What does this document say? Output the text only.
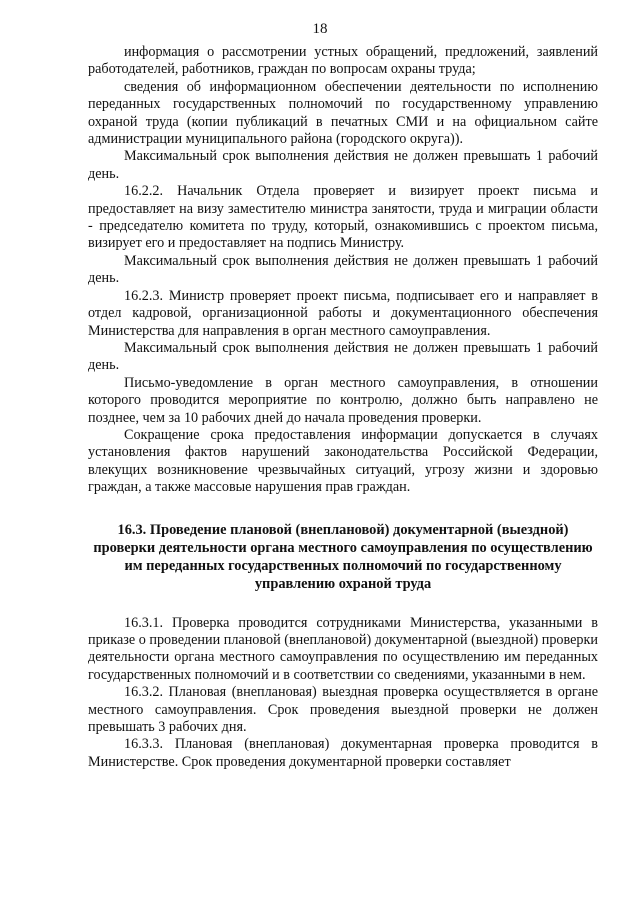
18

информация о рассмотрении устных обращений, предложений, заявлений работодателей, работников, граждан по вопросам охраны труда;

сведения об информационном обеспечении деятельности по исполнению переданных государственных полномочий по государственному управлению охраной труда (копии публикаций в печатных СМИ и на официальном сайте администрации муниципального района (городского округа)).

Максимальный срок выполнения действия не должен превышать 1 рабочий день.

16.2.2. Начальник Отдела проверяет и визирует проект письма и предоставляет на визу заместителю министра занятости, труда и миграции области - председателю комитета по труду, который, ознакомившись с проектом письма, визирует его и предоставляет на подпись Министру.

Максимальный срок выполнения действия не должен превышать 1 рабочий день.

16.2.3. Министр проверяет проект письма, подписывает его и направляет в отдел кадровой, организационной работы и документационного обеспечения Министерства для направления в орган местного самоуправления.

Максимальный срок выполнения действия не должен превышать 1 рабочий день.

Письмо-уведомление в орган местного самоуправления, в отношении которого проводится мероприятие по контролю, должно быть направлено не позднее, чем за 10 рабочих дней до начала проведения проверки.

Сокращение срока предоставления информации допускается в случаях установления фактов нарушений законодательства Российской Федерации, влекущих возникновение чрезвычайных ситуаций, угрозу жизни и здоровью граждан, а также массовые нарушения прав граждан.

16.3. Проведение плановой (внеплановой) документарной (выездной) проверки деятельности органа местного самоуправления по осуществлению им переданных государственных полномочий по государственному управлению охраной труда

16.3.1. Проверка проводится сотрудниками Министерства, указанными в приказе о проведении плановой (внеплановой) документарной (выездной) проверки деятельности органа местного самоуправления по осуществлению им переданных государственных полномочий и в соответствии со сведениями, указанными в нем.

16.3.2. Плановая (внеплановая) выездная проверка осуществляется в органе местного самоуправления. Срок проведения выездной проверки не должен превышать 3 рабочих дня.

16.3.3. Плановая (внеплановая) документарная проверка проводится в Министерстве. Срок проведения документарной проверки составляет
